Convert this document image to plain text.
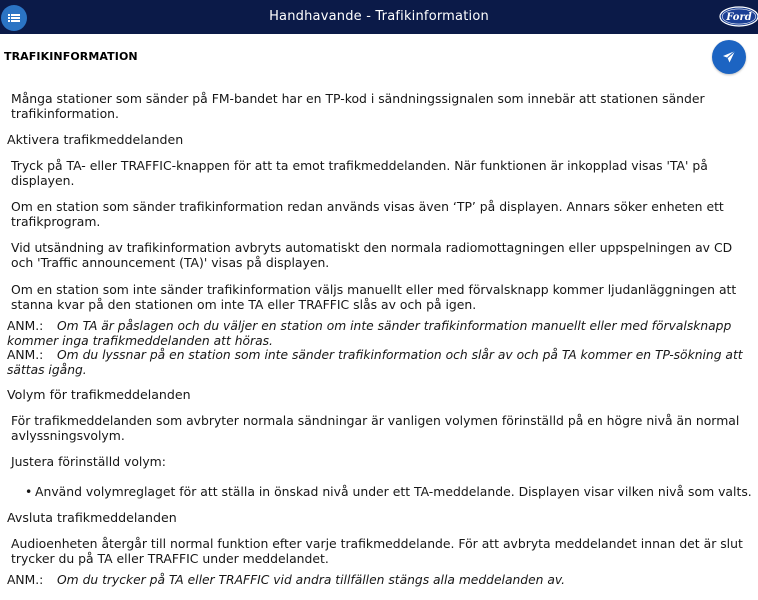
Handhavande - Trafikinformation	Ford
TRAFIKINFORMATION
Många stationer som sänder på FM-bandet har en TP-kod i sändningssignalen som innebär att stationen sänder trafikinformation.
Aktivera trafikmeddelanden
Tryck på TA- eller TRAFFIC-knappen för att ta emot trafikmeddelanden. När funktionen är inkopplad visas 'TA' på displayen.
Om en station som sänder trafikinformation redan används visas även ‘TP’ på displayen. Annars söker enheten ett trafikprogram.
Vid utsändning av trafikinformation avbryts automatiskt den normala radiomottagningen eller uppspelningen av CD och 'Traffic announcement (TA)' visas på displayen.
Om en station som inte sänder trafikinformation väljs manuellt eller med förvalsknapp kommer ljudanläggningen att stanna kvar på den stationen om inte TA eller TRAFFIC slås av och på igen.
ANM.: Om TA är påslagen och du väljer en station om inte sänder trafikinformation manuellt eller med förvalsknapp kommer inga trafikmeddelanden att höras.
ANM.: Om du lyssnar på en station som inte sänder trafikinformation och slår av och på TA kommer en TP-sökning att sättas igång.
Volym för trafikmeddelanden
För trafikmeddelanden som avbryter normala sändningar är vanligen volymen förinställd på en högre nivå än normal avlyssningsvolym.
Justera förinställd volym:
• Använd volymreglaget för att ställa in önskad nivå under ett TA-meddelande. Displayen visar vilken nivå som valts.
Avsluta trafikmeddelanden
Audioenheten återgår till normal funktion efter varje trafikmeddelande. För att avbryta meddelandet innan det är slut trycker du på TA eller TRAFFIC under meddelandet.
ANM.: Om du trycker på TA eller TRAFFIC vid andra tillfällen stängs alla meddelanden av.
